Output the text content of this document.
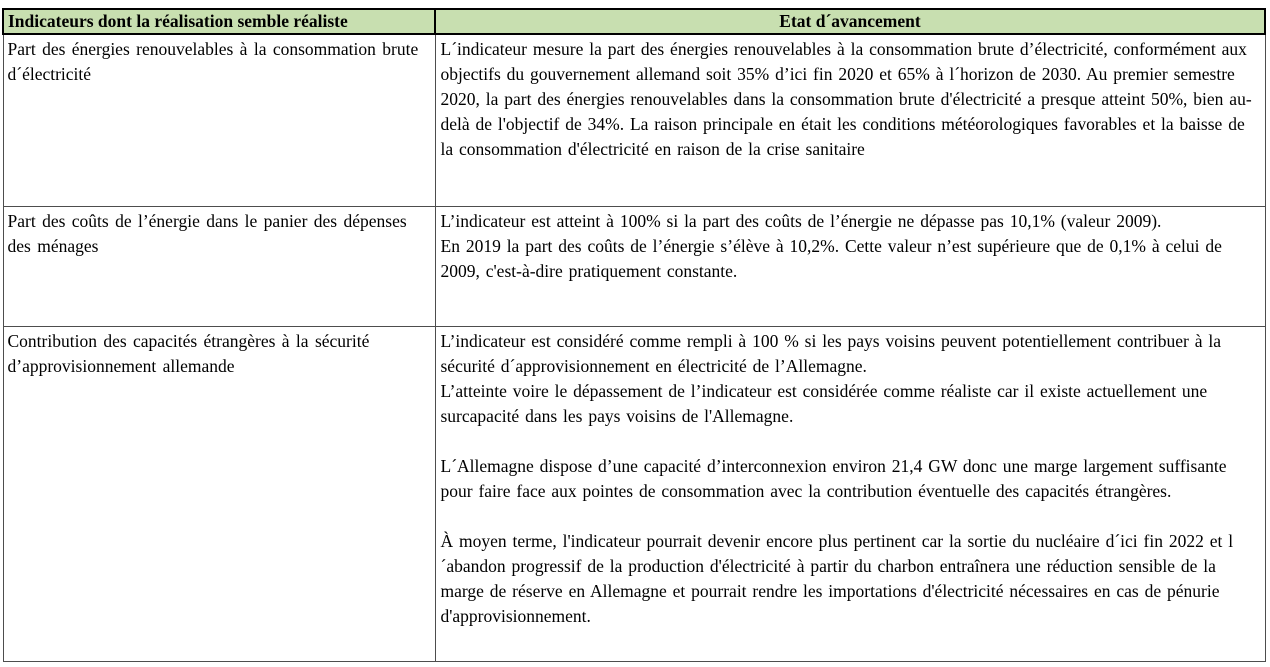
Indicateurs dont la réalisation semble réaliste	Etat d´avancement
Part des énergies renouvelables à la consommation brute d´électricité	L´indicateur mesure la part des énergies renouvelables à la consommation brute d’électricité, conformément aux objectifs du gouvernement allemand soit 35% d’ici fin 2020 et 65% à l´horizon de 2030. Au premier semestre 2020, la part des énergies renouvelables dans la consommation brute d'électricité a presque atteint 50%, bien au-delà de l'objectif de 34%. La raison principale en était les conditions météorologiques favorables et la baisse de la consommation d'électricité en raison de la crise sanitaire

Part des coûts de l’énergie dans le panier des dépenses des ménages	L’indicateur est atteint à 100% si la part des coûts de l’énergie ne dépasse pas 10,1% (valeur 2009).

En 2019 la part des coûts de l’énergie s’élève à 10,2%. Cette valeur n’est supérieure que de 0,1% à celui de 2009, c'est-à-dire pratiquement constante.

Contribution des capacités étrangères à la sécurité d’approvisionnement allemande	L’indicateur est considéré comme rempli à 100 % si les pays voisins peuvent potentiellement contribuer à la sécurité d´approvisionnement en électricité de l’Allemagne.

L’atteinte voire le dépassement de l’indicateur est considérée comme réaliste car il existe actuellement une surcapacité dans les pays voisins de l'Allemagne.

L´Allemagne dispose d’une capacité d’interconnexion environ 21,4 GW donc une marge largement suffisante pour faire face aux pointes de consommation avec la contribution éventuelle des capacités étrangères.

À moyen terme, l'indicateur pourrait devenir encore plus pertinent car la sortie du nucléaire d´ici fin 2022 et l´abandon progressif de la production d'électricité à partir du charbon entraînera une réduction sensible de la marge de réserve en Allemagne et pourrait rendre les importations d'électricité nécessaires en cas de pénurie d'approvisionnement.
